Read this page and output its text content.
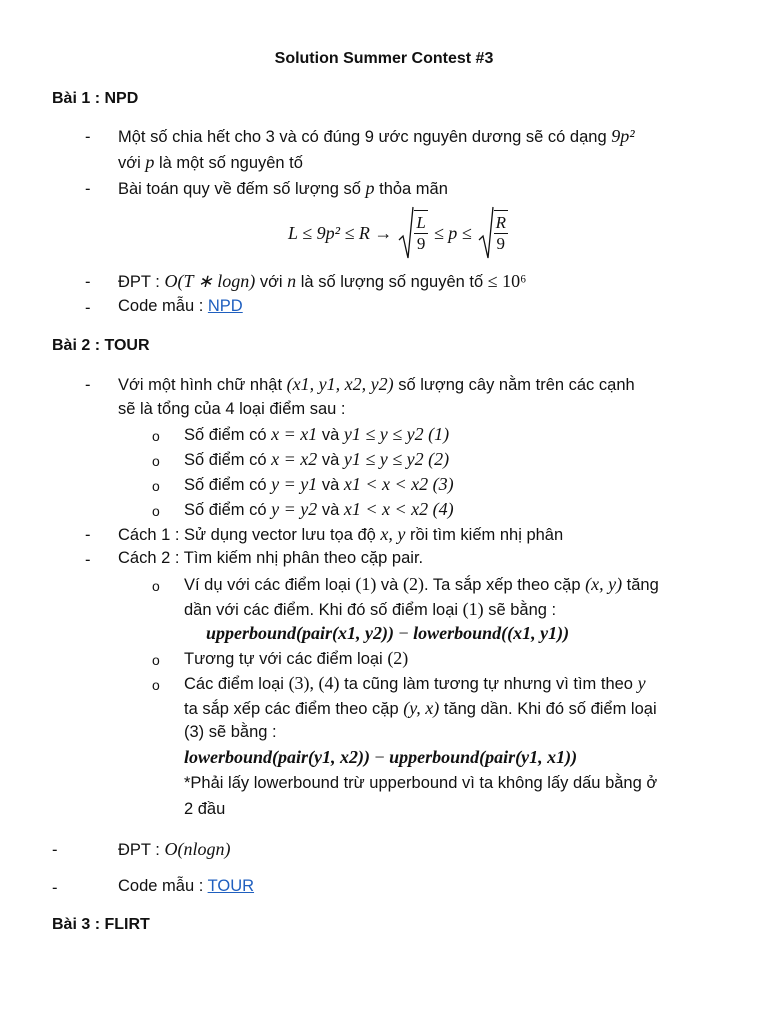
Solution Summer Contest #3
Bài 1 : NPD
- Một số chia hết cho 3 và có đúng 9 ước nguyên dương sẽ có dạng 9p²
với p là một số nguyên tố
- Bài toán quy về đếm số lượng số p thỏa mãn
$L \le 9p^2 \le R \to \frac{L}{9} \le p \le \frac{R}{9}$
- ĐPT : O(T ∗ logn) với n là số lượng số nguyên tố ≤ 10⁶
- Code mẫu : NPD
Bài 2 : TOUR
- Với một hình chữ nhật (x1, y1, x2, y2) số lượng cây nằm trên các cạnh
sẽ là tổng của 4 loại điểm sau :
o Số điểm có x = x1 và y1 ≤ y ≤ y2 (1)
o Số điểm có x = x2 và y1 ≤ y ≤ y2 (2)
o Số điểm có y = y1 và x1 < x < x2 (3)
o Số điểm có y = y2 và x1 < x < x2 (4)
- Cách 1 : Sử dụng vector lưu tọa độ x, y rồi tìm kiếm nhị phân
- Cách 2 : Tìm kiếm nhị phân theo cặp pair.
o Ví dụ với các điểm loại (1) và (2). Ta sắp xếp theo cặp (x, y) tăng
dần với các điểm. Khi đó số điểm loại (1) sẽ bằng :
upperbound(pair(x1, y2)) − lowerbound((x1, y1))
o Tương tự với các điểm loại (2)
o Các điểm loại (3), (4) ta cũng làm tương tự nhưng vì tìm theo y
ta sắp xếp các điểm theo cặp (y, x) tăng dần. Khi đó số điểm loại
(3) sẽ bằng :
lowerbound(pair(y1, x2)) − upperbound(pair(y1, x1))
*Phải lấy lowerbound trừ upperbound vì ta không lấy dấu bằng ở
2 đầu
-	ĐPT : O(nlogn)
-	Code mẫu : TOUR
Bài 3 : FLIRT
